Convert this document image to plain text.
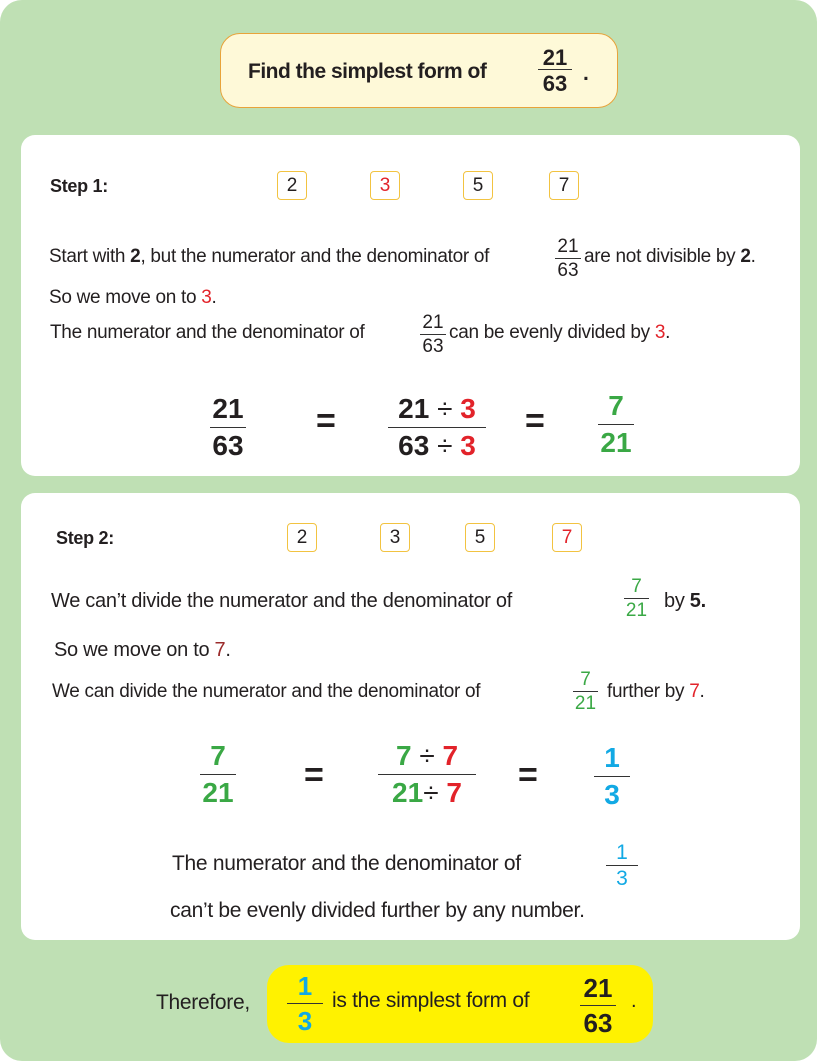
Find the simplest form of
21
63 .
Step 1:	2	3	5	7
Start with 2, but the numerator and the denominator of	21
63
are not divisible by 2.
So we move on to 3.
The numerator and the denominator of	21
63
can be evenly divided by 3.
21
63
= 21 ÷ 3
63 ÷ 3
= 7
21
Step 2:	2	3	5	7
We can’t divide the numerator and the denominator of
7
21 by 5.
So we move on to 7.
We can divide the numerator and the denominator of
7
21
further by 7.
7
21 =
7 ÷ 7
21÷ 7 = 1
3
The numerator and the denominator of	1
3
can’t be evenly divided further by any number.
Therefore,
1
3
is the simplest form of 21
63
.
